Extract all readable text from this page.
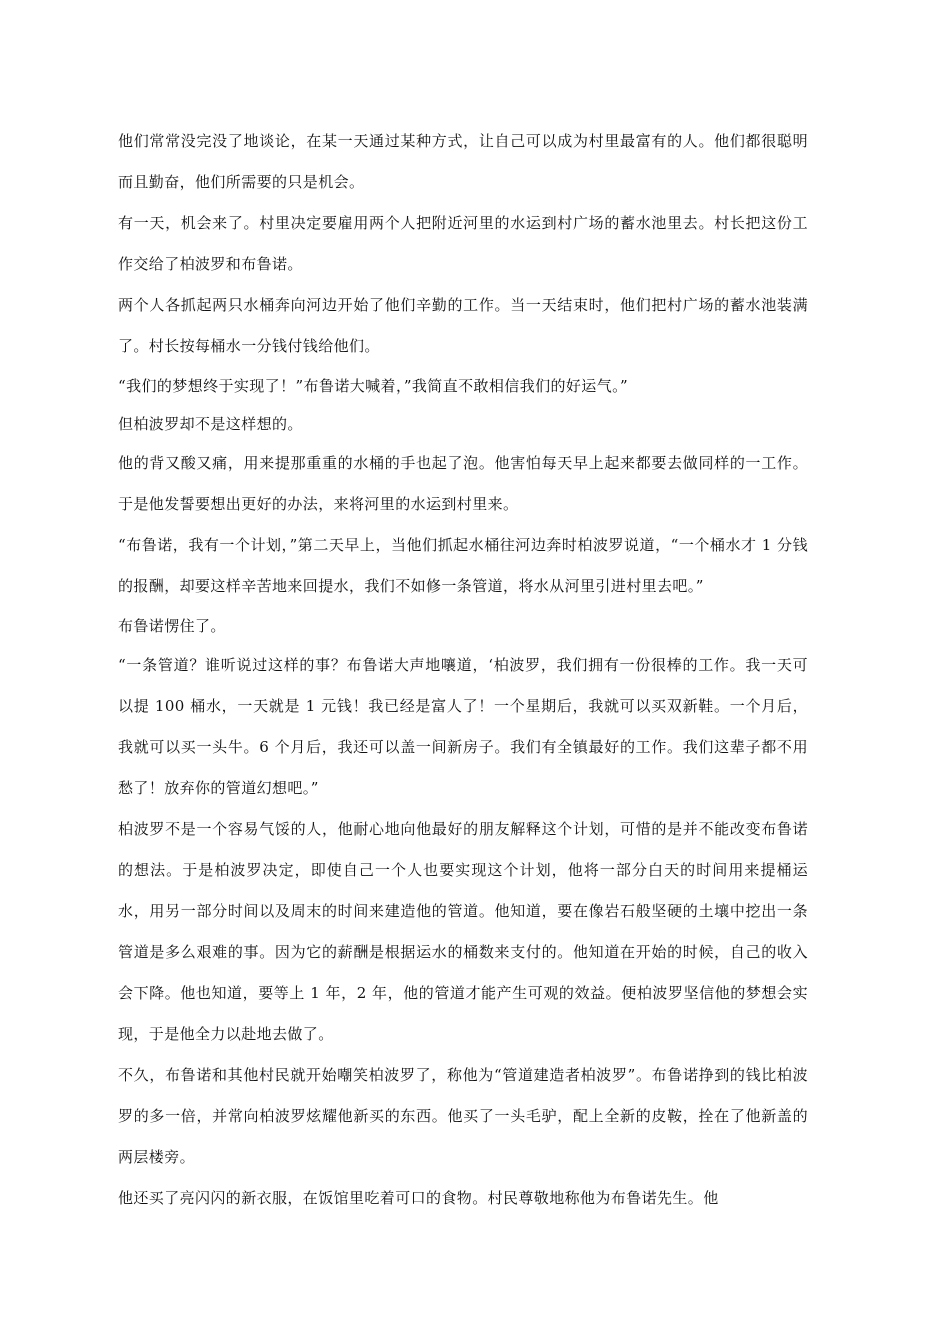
他们常常没完没了地谈论，在某一天通过某种方式，让自己可以成为村里最富有的人。他们都很聪明而且勤奋，他们所需要的只是机会。

有一天，机会来了。村里决定要雇用两个人把附近河里的水运到村广场的蓄水池里去。村长把这份工作交给了柏波罗和布鲁诺。

两个人各抓起两只水桶奔向河边开始了他们辛勤的工作。当一天结束时，他们把村广场的蓄水池装满了。村长按每桶水一分钱付钱给他们。

“我们的梦想终于实现了！”布鲁诺大喊着，”我简直不敢相信我们的好运气。”

但柏波罗却不是这样想的。

他的背又酸又痛，用来提那重重的水桶的手也起了泡。他害怕每天早上起来都要去做同样的一工作。于是他发誓要想出更好的办法，来将河里的水运到村里来。

“布鲁诺，我有一个计划，”第二天早上，当他们抓起水桶往河边奔时柏波罗说道，“一个桶水才 1 分钱的报酬，却要这样辛苦地来回提水，我们不如修一条管道，将水从河里引进村里去吧。”

布鲁诺愣住了。

“一条管道？谁听说过这样的事？布鲁诺大声地嚷道，‘柏波罗，我们拥有一份很棒的工作。我一天可以提 100 桶水，一天就是 1 元钱！我已经是富人了！一个星期后，我就可以买双新鞋。一个月后，我就可以买一头牛。6 个月后，我还可以盖一间新房子。我们有全镇最好的工作。我们这辈子都不用愁了！放弃你的管道幻想吧。”

柏波罗不是一个容易气馁的人，他耐心地向他最好的朋友解释这个计划，可惜的是并不能改变布鲁诺的想法。于是柏波罗决定，即使自己一个人也要实现这个计划，他将一部分白天的时间用来提桶运水，用另一部分时间以及周末的时间来建造他的管道。他知道，要在像岩石般坚硬的土壤中挖出一条管道是多么艰难的事。因为它的薪酬是根据运水的桶数来支付的。他知道在开始的时候，自己的收入会下降。他也知道，要等上 1 年，2 年，他的管道才能产生可观的效益。便柏波罗坚信他的梦想会实现，于是他全力以赴地去做了。

不久，布鲁诺和其他村民就开始嘲笑柏波罗了，称他为“管道建造者柏波罗”。布鲁诺挣到的钱比柏波罗的多一倍，并常向柏波罗炫耀他新买的东西。他买了一头毛驴，配上全新的皮鞍，拴在了他新盖的两层楼旁。

他还买了亮闪闪的新衣服，在饭馆里吃着可口的食物。村民尊敬地称他为布鲁诺先生。他
